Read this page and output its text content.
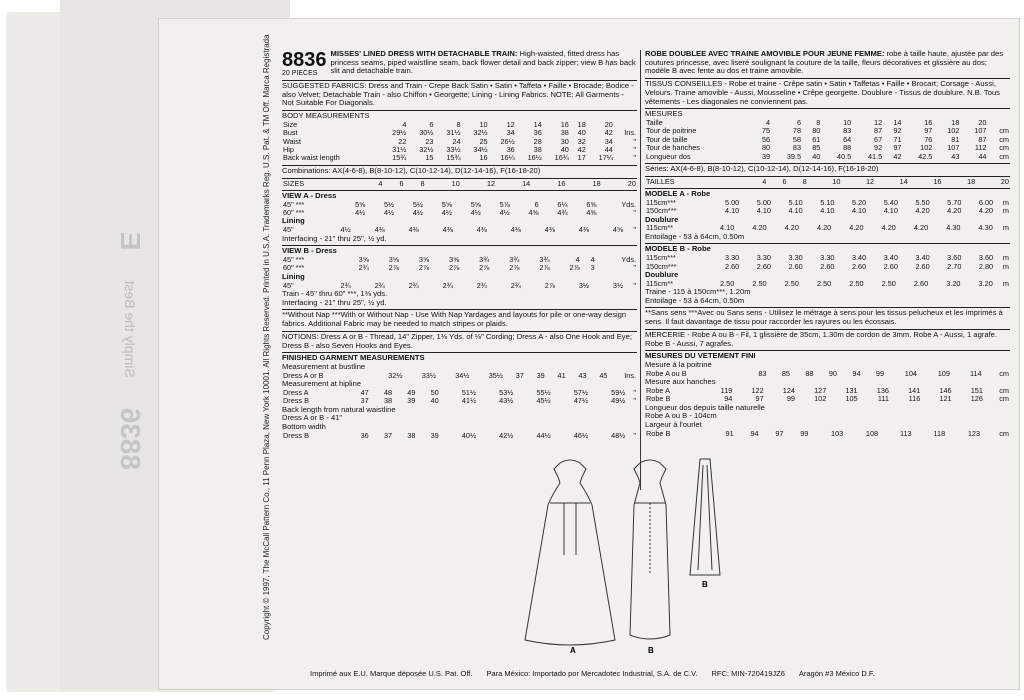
8836
Simply the Best
E	Copyright © 1997, The McCall Pattern Co., 11 Penn Plaza, New York 10001. All Rights Reserved. Printed in U.S.A. Trademarks Reg. U.S. Pat. & TM Off. Marca Registrada 8836
20 PIECES
MISSES' LINED DRESS WITH DETACHABLE TRAIN: High-waisted, fitted dress has princess seams, piped waistline seam, back flower detail and back zipper; view B has back slit and detachable train.
SUGGESTED FABRICS: Dress and Train - Crepe Back Satin • Satin • Taffeta • Faille • Brocade; Bodice - also Velvet; Detachable Train - also Chiffon • Georgette; Lining - Lining Fabrics. NOTE: All Garments - Not Suitable For Diagonals.
BODY MEASUREMENTS
Size	4	6	8	10	12	14	16	18	20	
Bust	29½	30½	31½	32½	34	36	38	40	42	Ins.
Waist	22	23	24	25	26½	28	30	32	34	"
Hip	31½	32½	33½	34½	36	38	40	42	44	"
Back waist length	15¾	15	15¾	16	16¼	16½	16¾	17	17¼	"
Combinations: AX(4-6-8), B(8-10-12), C(10-12-14), D(12-14-16), F(16-18-20)
SIZES	4	6	8	10	12	14	16	18	20
VIEW A - Dress
45" ***	5⅝	5½	5½	5⅝	5⅝	5⅞	6	6¼	6⅝	Yds.
60" ***	4½	4½	4½	4½	4½	4½	4⅝	4¾	4⅝	"
Lining
45"	4½	4⅜	4⅜	4⅜	4⅜	4⅜	4⅜	4⅜	4⅝	"
Interfacing - 21" thru 25", ½ yd.
VIEW B - Dress
45" ***	3⅝	3⅝	3⅝	3⅝	3¾	3¾	3¾	4	4	Yds.
60" ***	2¾	2⅞	2⅞	2⅞	2⅞	2⅞	2⅞	2⅞	3	"
Lining
45"	2¾	2¾	2¾	2¾	2¾	2¾	2⅞	3½	3½	"
Train - 45" thru 60" ***, 1⅜ yds.
Interfacing - 21" thru 25", ½ yd.
**Without Nap ***With or Without Nap - Use With Nap Yardages and layouts for pile or one-way design fabrics. Additional Fabric may be needed to match stripes or plaids.
NOTIONS: Dress A or B - Thread, 14" Zipper, 1⅜ Yds. of ⅛" Cording; Dress A - also One Hook and Eye; Dress B - also Seven Hooks and Eyes.
FINISHED GARMENT MEASUREMENTS
Measurement at bustline
Dress A or B	32½	33½	34½	35½	37	39	41	43	45	Ins.
Measurement at hipline
Dress A	47	48	49	50	51½	53½	55½	57½	59½	"
Dress B	37	38	39	40	41½	43½	45½	47½	49½	"
Back length from natural waistline
Dress A or B - 41"
Bottom width
Dress B	36	37	38	39	40½	42½	44½	46½	48½	"
ROBE DOUBLEE AVEC TRAINE AMOVIBLE POUR JEUNE FEMME: robe à taille haute, ajustée par des coutures princesse, avec liseré soulignant la couture de la taille, fleurs décoratives et glissière au dos; modèle B avec fente au dos et traine amovible.
TISSUS CONSEILLES - Robe et traine - Crêpe satin • Satin • Taffetas • Faille • Brocart; Corsage - Aussi, Velours. Traine amovible - Aussi, Mousseline • Crêpe georgette. Doublure - Tissus de doublure. N.B. Tous vêtements - Les diagonales ne conviennent pas.
MESURES
Taille	4	6	8	10	12	14	16	18	20	
Tour de poitrine	75	78	80	83	87	92	97	102	107	cm
Tour de taille	56	58	61	64	67	71	76	81	87	cm
Tour de hanches	80	83	85	88	92	97	102	107	112	cm
Longueur dos	39	39.5	40	40.5	41.5	42	42.5	43	44	cm
Séries: AX(4-6-8), B(8-10-12), C(10-12-14), D(12-14-16), F(16-18-20)
TAILLES	4	6	8	10	12	14	16	18	20
MODELE A - Robe
115cm***	5.00	5.00	5.10	5.10	5.20	5.40	5.50	5.70	6.00	m
150cm***	4.10	4.10	4.10	4.10	4.10	4.10	4.20	4.20	4.20	m
Doublure
115cm**	4.10	4.20	4.20	4.20	4.20	4.20	4.20	4.30	4.30	m
Entoilage - 53 à 64cm, 0.50m
MODELE B - Robe
115cm***	3.30	3.30	3.30	3.30	3.40	3.40	3.40	3.60	3.60	m
150cm***	2.60	2.60	2.60	2.60	2.60	2.60	2.60	2.70	2.80	m
Doublure
115cm**	2.50	2.50	2.50	2.50	2.50	2.50	2.60	3.20	3.20	m
Traine - 115 à 150cm***, 1.20m
Entoilage - 53 à 64cm, 0.50m
**Sans sens ***Avec ou Sans sens - Utilisez le métrage à sens pour les tissus pelucheux et les imprimés à sens. Il faut davantage de tissu pour raccorder les rayures ou les écossais.
MERCERIE - Robe A ou B - Fil, 1 glissière de 35cm, 1.30m de cordon de 3mm. Robe A - Aussi, 1 agrafe. Robe B - Aussi, 7 agrafes.
MESURES DU VETEMENT FINI
Mesure à la poitrine
Robe A ou B	83	85	88	90	94	99	104	109	114	cm
Mesure aux hanches
Robe A	119	122	124	127	131	136	141	146	151	cm
Robe B	94	97	99	102	105	111	116	121	126	cm
Longueur dos depuis taille naturelle
Robe A ou B - 104cm
Largeur à l'ourlet
Robe B	91	94	97	99	103	108	113	118	123	cm
A	B
B
Imprimé aux E.U. Marque déposée U.S. Pat. Off. Para México: Importado por Mercadotec Industrial, S.A. de C.V. RFC: MIN-720419JZ6 Aragón #3 México D.F.
